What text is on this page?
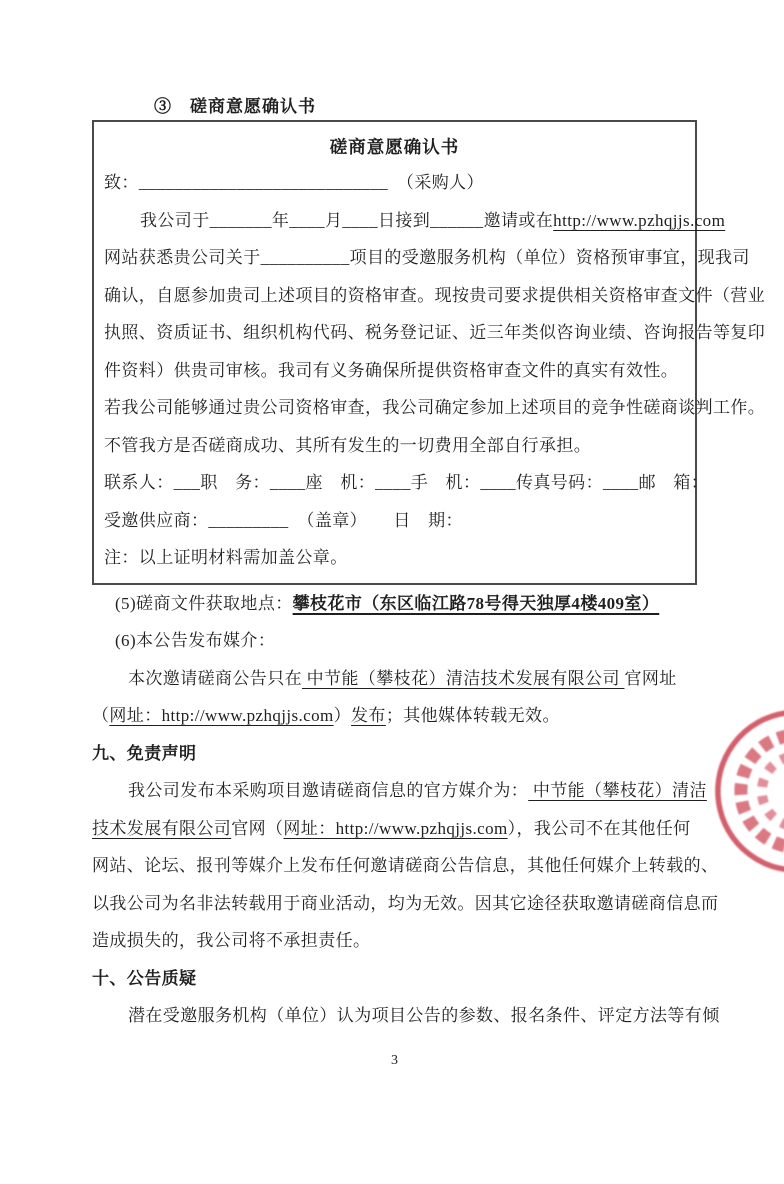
③　磋商意愿确认书
磋商意愿确认书
致：____________________________　（采购人）
我公司于_______年____月____日接到______邀请或在http://www.pzhqjjs.com
网站获悉贵公司关于__________项目的受邀服务机构（单位）资格预审事宜，现我司
确认，自愿参加贵司上述项目的资格审查。现按贵司要求提供相关资格审查文件（营业
执照、资质证书、组织机构代码、税务登记证、近三年类似咨询业绩、咨询报告等复印
件资料）供贵司审核。我司有义务确保所提供资格审查文件的真实有效性。
若我公司能够通过贵公司资格审查，我公司确定参加上述项目的竞争性磋商谈判工作。
不管我方是否磋商成功、其所有发生的一切费用全部自行承担。
联系人：___职　务：____座　机：____手　机：____传真号码：____邮　箱：
受邀供应商：_________　（盖章）　　日　期：
注：以上证明材料需加盖公章。
(5)磋商文件获取地点：攀枝花市（东区临江路78号得天独厚4楼409室）
(6)本公告发布媒介：
本次邀请磋商公告只在 中节能（攀枝花）清洁技术发展有限公司 官网址
（网址：http://www.pzhqjjs.com）发布；其他媒体转载无效。
九、免责声明
我公司发布本采购项目邀请磋商信息的官方媒介为： 中节能（攀枝花）清洁
技术发展有限公司官网（网址：http://www.pzhqjjs.com），我公司不在其他任何
网站、论坛、报刊等媒介上发布任何邀请磋商公告信息，其他任何媒介上转载的、
以我公司为名非法转载用于商业活动，均为无效。因其它途径获取邀请磋商信息而
造成损失的，我公司将不承担责任。
十、公告质疑
潜在受邀服务机构（单位）认为项目公告的参数、报名条件、评定方法等有倾
3
